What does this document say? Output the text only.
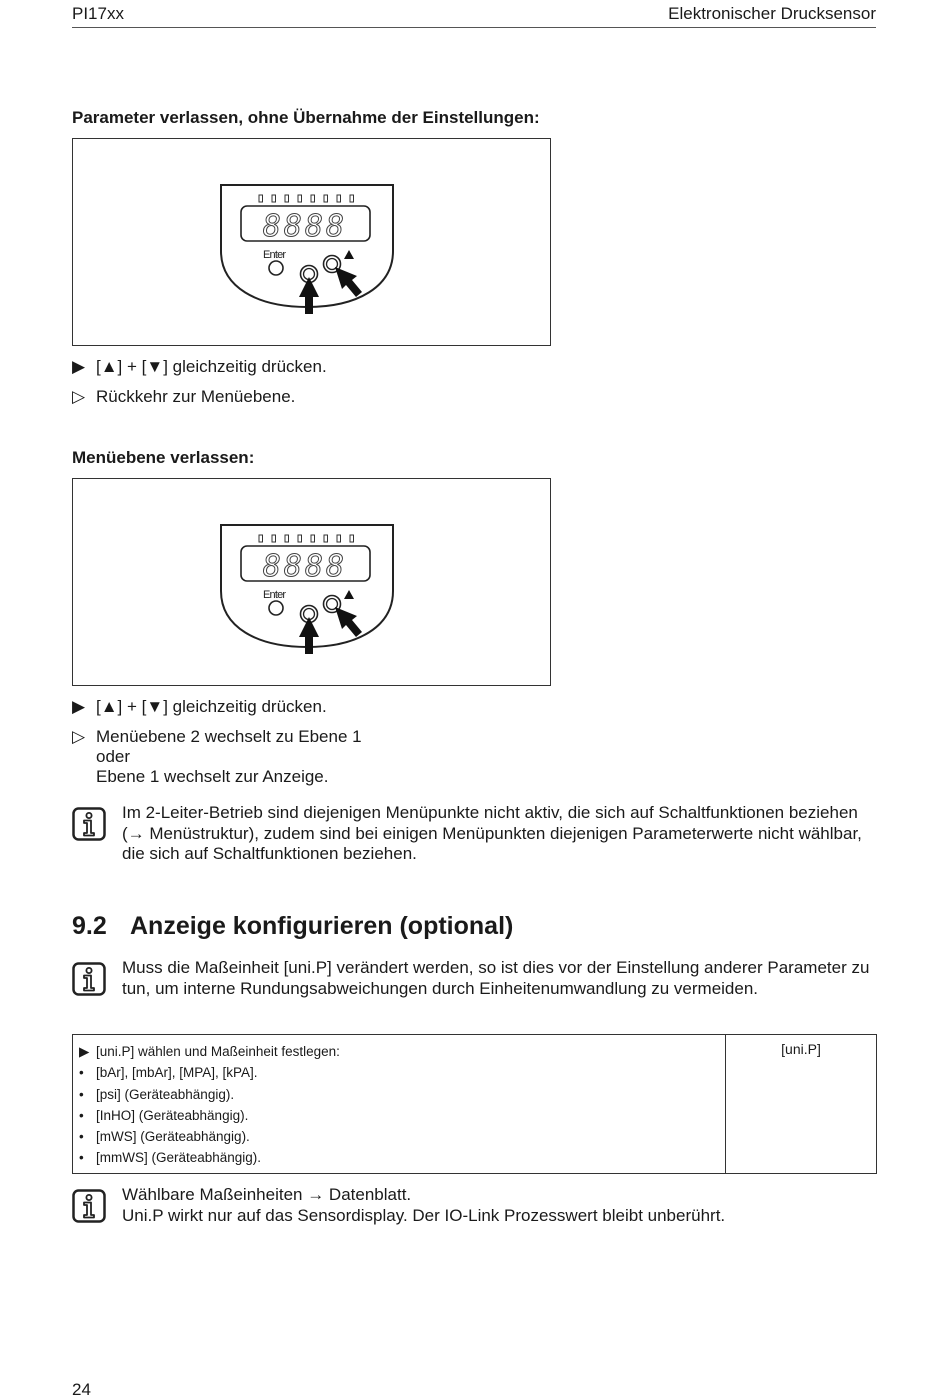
PI17xx	Elektronischer Drucksensor
Parameter verlassen, ohne Übernahme der Einstellungen:
8888
Enter
▶ [▲] + [▼] gleichzeitig drücken.
▷ Rückkehr zur Menüebene.
Menüebene verlassen:
8888
Enter
▶ [▲] + [▼] gleichzeitig drücken.
▷ Menüebene 2 wechselt zu Ebene 1
oder
Ebene 1 wechselt zur Anzeige.
Im 2-Leiter-Betrieb sind diejenigen Menüpunkte nicht aktiv, die sich auf Schaltfunktionen beziehen (→ Menüstruktur), zudem sind bei einigen Menüpunkten diejenigen Parameterwerte nicht wählbar, die sich auf Schaltfunktionen beziehen.
9.2 Anzeige konfigurieren (optional)
Muss die Maßeinheit [uni.P] verändert werden, so ist dies vor der Einstellung anderer Parameter zu tun, um interne Rundungsabweichungen durch Einheitenumwandlung zu vermeiden.
▶ [uni.P] wählen und Maßeinheit festlegen:
• [bAr], [mbAr], [MPA], [kPA].
• [psi] (Geräteabhängig).
• [InHO] (Geräteabhängig).
• [mWS] (Geräteabhängig).
• [mmWS] (Geräteabhängig).
	[uni.P]
Wählbare Maßeinheiten → Datenblatt.
Uni.P wirkt nur auf das Sensordisplay. Der IO-Link Prozesswert bleibt unberührt.
24
